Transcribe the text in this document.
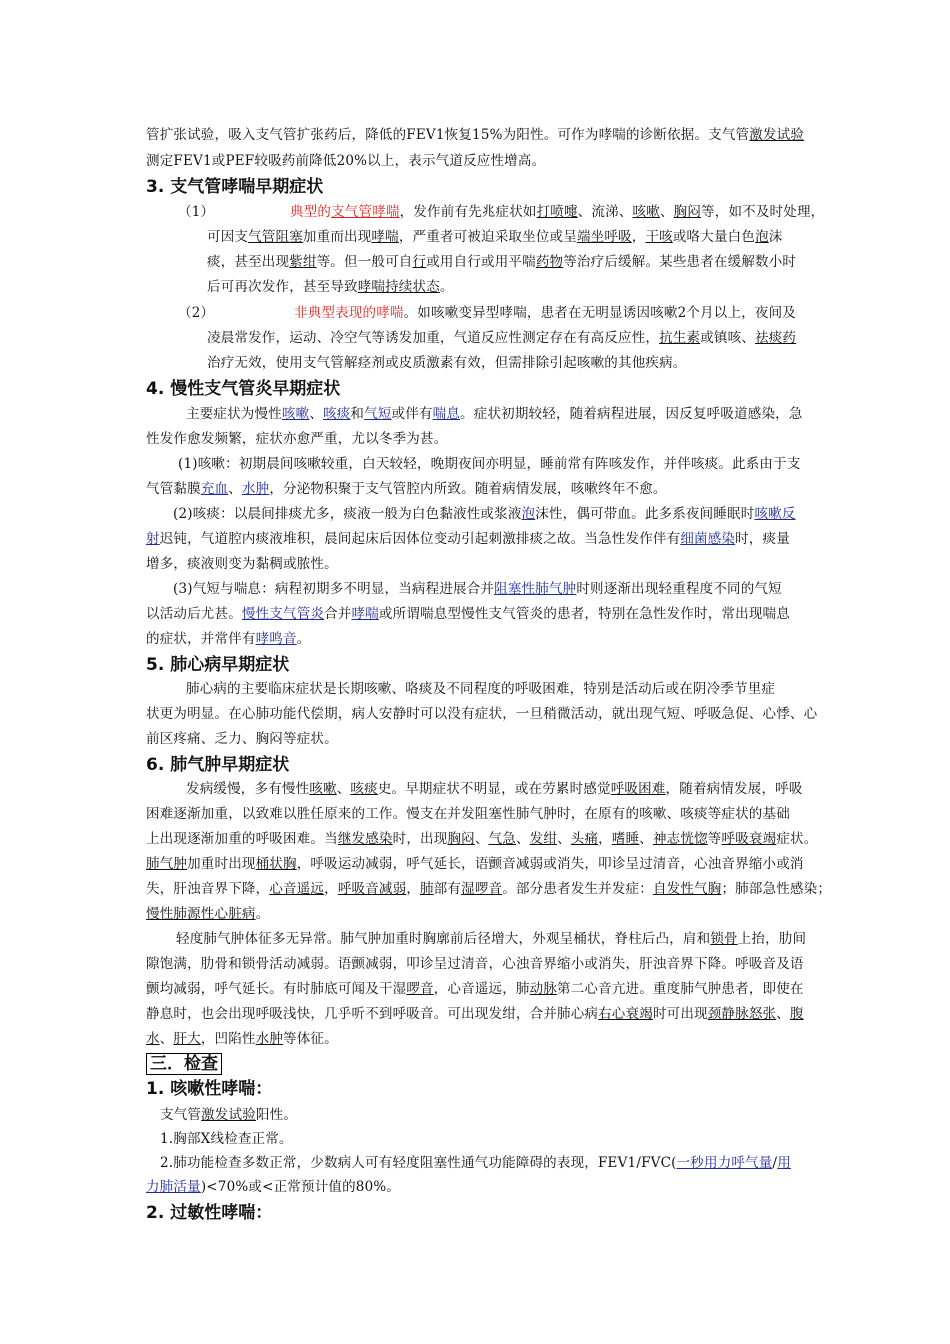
管扩张试验，吸入支气管扩张药后，降低的FEV1恢复15%为阳性。可作为哮喘的诊断依据。支气管激发试验
测定FEV1或PEF较吸药前降低20%以上，表示气道反应性增高。
3. 支气管哮喘早期症状
（1）	典型的支气管哮喘，发作前有先兆症状如打喷嚏、流涕、咳嗽、胸闷等，如不及时处理，
可因支气管阻塞加重而出现哮喘，严重者可被迫采取坐位或呈端坐呼吸，干咳或咯大量白色泡沫
痰，甚至出现紫绀等。但一般可自行或用自行或用平喘药物等治疗后缓解。某些患者在缓解数小时
后可再次发作，甚至导致哮喘持续状态。
（2）	非典型表现的哮喘。如咳嗽变异型哮喘，患者在无明显诱因咳嗽2个月以上，夜间及
凌晨常发作，运动、冷空气等诱发加重，气道反应性测定存在有高反应性，抗生素或镇咳、祛痰药
治疗无效，使用支气管解痉剂或皮质激素有效，但需排除引起咳嗽的其他疾病。
4. 慢性支气管炎早期症状
主要症状为慢性咳嗽、咳痰和气短或伴有喘息。症状初期较轻，随着病程进展，因反复呼吸道感染，急
性发作愈发频繁，症状亦愈严重，尤以冬季为甚。
(1)咳嗽：初期晨间咳嗽较重，白天较轻，晚期夜间亦明显，睡前常有阵咳发作，并伴咳痰。此系由于支
气管黏膜充血、水肿，分泌物积聚于支气管腔内所致。随着病情发展，咳嗽终年不愈。
(2)咳痰：以晨间排痰尤多，痰液一般为白色黏液性或浆液泡沫性，偶可带血。此多系夜间睡眠时咳嗽反
射迟钝，气道腔内痰液堆积，晨间起床后因体位变动引起刺激排痰之故。当急性发作伴有细菌感染时，痰量
增多，痰液则变为黏稠或脓性。
(3)气短与喘息：病程初期多不明显，当病程进展合并阻塞性肺气肿时则逐渐出现轻重程度不同的气短
以活动后尤甚。慢性支气管炎合并哮喘或所谓喘息型慢性支气管炎的患者，特别在急性发作时，常出现喘息
的症状，并常伴有哮鸣音。
5. 肺心病早期症状
肺心病的主要临床症状是长期咳嗽、咯痰及不同程度的呼吸困难，特别是活动后或在阴冷季节里症
状更为明显。在心肺功能代偿期，病人安静时可以没有症状，一旦稍微活动，就出现气短、呼吸急促、心悸、心
前区疼痛、乏力、胸闷等症状。
6. 肺气肿早期症状
发病缓慢，多有慢性咳嗽、咳痰史。早期症状不明显，或在劳累时感觉呼吸困难，随着病情发展，呼吸
困难逐渐加重，以致难以胜任原来的工作。慢支在并发阻塞性肺气肿时，在原有的咳嗽、咳痰等症状的基础
上出现逐渐加重的呼吸困难。当继发感染时，出现胸闷、气急、发绀、头痛，嗜睡、神志恍惚等呼吸衰竭症状。
肺气肿加重时出现桶状胸，呼吸运动减弱，呼气延长，语颤音减弱或消失，叩诊呈过清音，心浊音界缩小或消
失，肝浊音界下降，心音遥远，呼吸音减弱，肺部有湿啰音。部分患者发生并发症：自发性气胸；肺部急性感染；
慢性肺源性心脏病。
轻度肺气肿体征多无异常。肺气肿加重时胸廓前后径增大，外观呈桶状，脊柱后凸，肩和锁骨上抬，肋间
隙饱满，肋骨和锁骨活动减弱。语颤减弱，叩诊呈过清音，心浊音界缩小或消失，肝浊音界下降。呼吸音及语
颤均减弱，呼气延长。有时肺底可闻及干湿啰音，心音遥远，肺动脉第二心音亢进。重度肺气肿患者，即使在
静息时，也会出现呼吸浅快，几乎听不到呼吸音。可出现发绀，合并肺心病右心衰竭时可出现颈静脉怒张、腹
水、肝大，凹陷性水肿等体征。
三．检查
1. 咳嗽性哮喘：
支气管激发试验阳性。
1.胸部X线检查正常。
2.肺功能检查多数正常，少数病人可有轻度阻塞性通气功能障碍的表现，FEV1/FVC(一秒用力呼气量/用
力肺活量)<70%或<正常预计值的80%。
2. 过敏性哮喘：
